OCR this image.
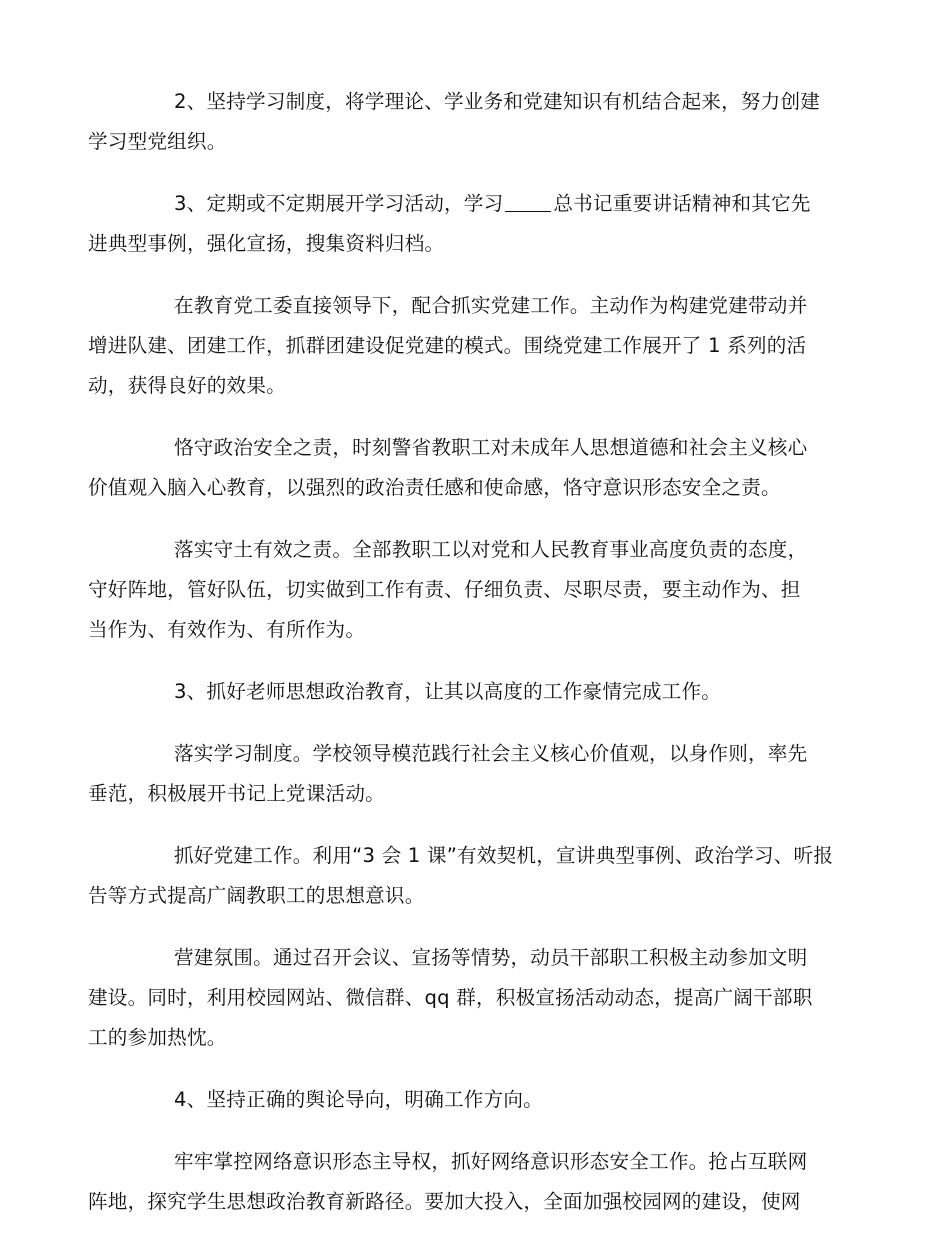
2、坚持学习制度，将学理论、学业务和党建知识有机结合起来，努力创建
学习型党组织。

3、定期或不定期展开学习活动，学习	总书记重要讲话精神和其它先
进典型事例，强化宣扬，搜集资料归档。

在教育党工委直接领导下，配合抓实党建工作。主动作为构建党建带动并
增进队建、团建工作，抓群团建设促党建的模式。围绕党建工作展开了 1 系列的活
动，获得良好的效果。

恪守政治安全之责，时刻警省教职工对未成年人思想道德和社会主义核心
价值观入脑入心教育，以强烈的政治责任感和使命感，恪守意识形态安全之责。

落实守土有效之责。全部教职工以对党和人民教育事业高度负责的态度，
守好阵地，管好队伍，切实做到工作有责、仔细负责、尽职尽责，要主动作为、担
当作为、有效作为、有所作为。

3、抓好老师思想政治教育，让其以高度的工作豪情完成工作。

落实学习制度。学校领导模范践行社会主义核心价值观，以身作则，率先
垂范，积极展开书记上党课活动。

抓好党建工作。利用“3 会 1 课”有效契机，宣讲典型事例、政治学习、听报
告等方式提高广阔教职工的思想意识。

营建氛围。通过召开会议、宣扬等情势，动员干部职工积极主动参加文明
建设。同时，利用校园网站、微信群、qq 群，积极宣扬活动动态，提高广阔干部职
工的参加热忱。

4、坚持正确的舆论导向，明确工作方向。

牢牢掌控网络意识形态主导权，抓好网络意识形态安全工作。抢占互联网
阵地，探究学生思想政治教育新路径。要加大投入，全面加强校园网的建设，使网
